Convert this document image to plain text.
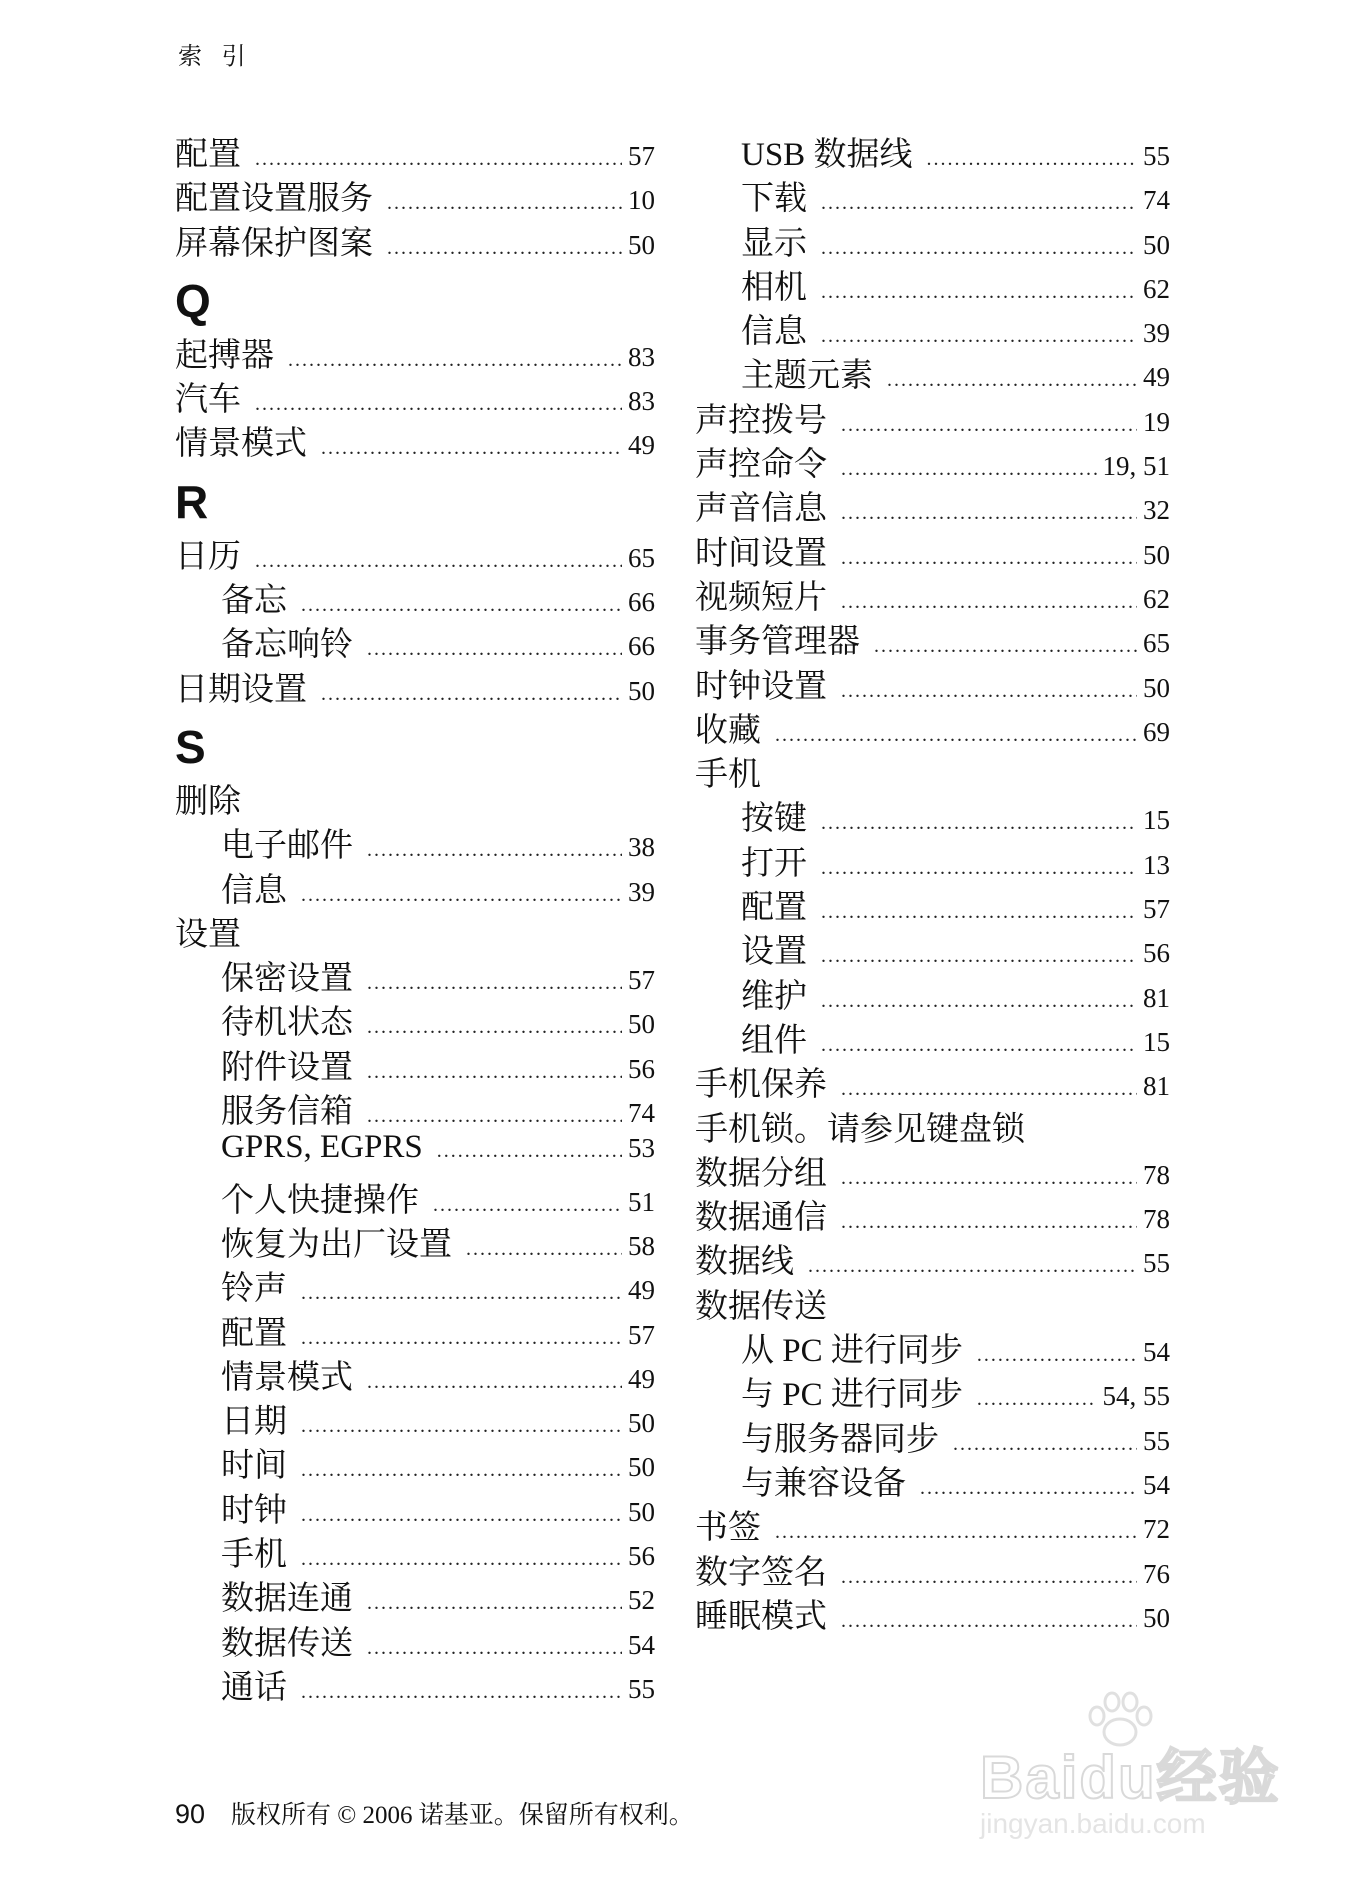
索 引
配置 .....	57
配置设置服务 .....	10
屏幕保护图案 .....	50
Q
起搏器 .....	83
汽车 .....	83
情景模式 .....	49
R
日历 .....	65
备忘 .....	66
备忘响铃 .....	66
日期设置 .....	50
S
删除
电子邮件 .....	38
信息 .....	39
设置
保密设置 .....	57
待机状态 .....	50
附件设置 .....	56
服务信箱 .....	74
GPRS, EGPRS .....	53
个人快捷操作 .....	51
恢复为出厂设置 .....	58
铃声 .....	49
配置 .....	57
情景模式 .....	49
日期 .....	50
时间 .....	50
时钟 .....	50
手机 .....	56
数据连通 .....	52
数据传送 .....	54
通话 .....	55
USB 数据线 .....	55
下载 .....	74
显示 .....	50
相机 .....	62
信息 .....	39
主题元素 .....	49
声控拨号 .....	19
声控命令 .....	19, 51
声音信息 .....	32
时间设置 .....	50
视频短片 .....	62
事务管理器 .....	65
时钟设置 .....	50
收藏 .....	69
手机
按键 .....	15
打开 .....	13
配置 .....	57
设置 .....	56
维护 .....	81
组件 .....	15
手机保养 .....	81
手机锁。请参见键盘锁
数据分组 .....	78
数据通信 .....	78
数据线 .....	55
数据传送
从 PC 进行同步 .....	54
与 PC 进行同步 .....	54, 55
与服务器同步 .....	55
与兼容设备 .....	54
书签 .....	72
数字签名 .....	76
睡眠模式 .....	50
90 版权所有 © 2006 诺基亚。保留所有权利。
Baidu经验
jingyan.baidu.com
